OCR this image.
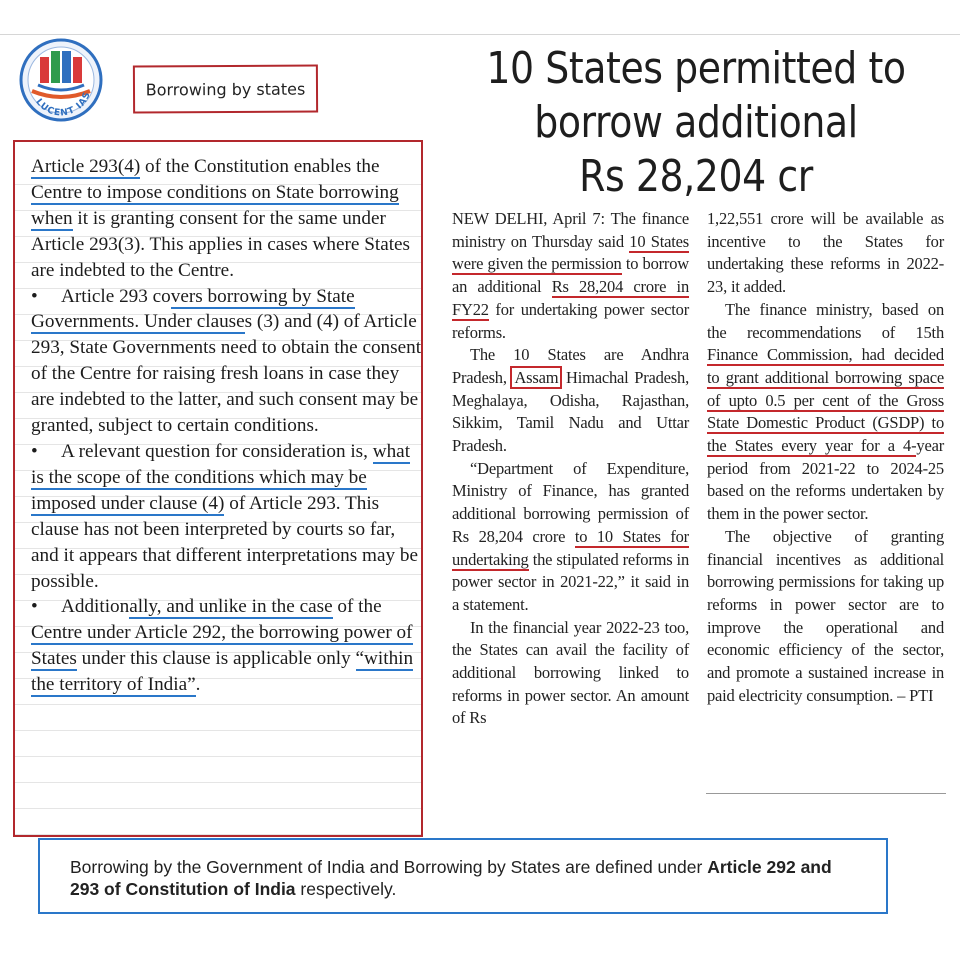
LUCENT IAS	Borrowing by states

Article 293(4) of the Constitution enables the Centre to impose conditions on State borrowing when it is granting consent for the same under Article 293(3). This applies in cases where States are indebted to the Centre.

• Article 293 covers borrowing by State Governments. Under clauses (3) and (4) of Article 293, State Governments need to obtain the consent of the Centre for raising fresh loans in case they are indebted to the latter, and such consent may be granted, subject to certain conditions.

• A relevant question for consideration is, what is the scope of the conditions which may be imposed under clause (4) of Article 293. This clause has not been interpreted by courts so far, and it appears that different interpretations may be possible.

• Additionally, and unlike in the case of the Centre under Article 292, the borrowing power of States under this clause is applicable only “within the territory of India”.

10 States permitted to
borrow additional
Rs 28,204 cr

NEW DELHI, April 7: The finance ministry on Thursday said 10 States were given the permission to borrow an additional Rs 28,204 crore in FY22 for undertaking power sector reforms.

The 10 States are Andhra Pradesh, Assam Himachal Pradesh, Meghalaya, Odisha, Rajasthan, Sikkim, Tamil Nadu and Uttar Pradesh.

“Department of Expenditure, Ministry of Finance, has granted additional borrowing permission of Rs 28,204 crore to 10 States for undertaking the stipulated reforms in power sector in 2021-22,” it said in a statement.

In the financial year 2022-23 too, the States can avail the facility of additional borrowing linked to reforms in power sector. An amount of Rs

1,22,551 crore will be available as incentive to the States for undertaking these reforms in 2022-23, it added.

The finance ministry, based on the recommendations of 15th Finance Commission, had decided to grant additional borrowing space of upto 0.5 per cent of the Gross State Domestic Product (GSDP) to the States every year for a 4-year period from 2021-22 to 2024-25 based on the reforms undertaken by them in the power sector.

The objective of granting financial incentives as additional borrowing permissions for taking up reforms in power sector are to improve the operational and economic efficiency of the sector, and promote a sustained increase in paid electricity consumption. – PTI

Borrowing by the Government of India and Borrowing by States are defined under Article 292 and 293 of Constitution of India respectively.
